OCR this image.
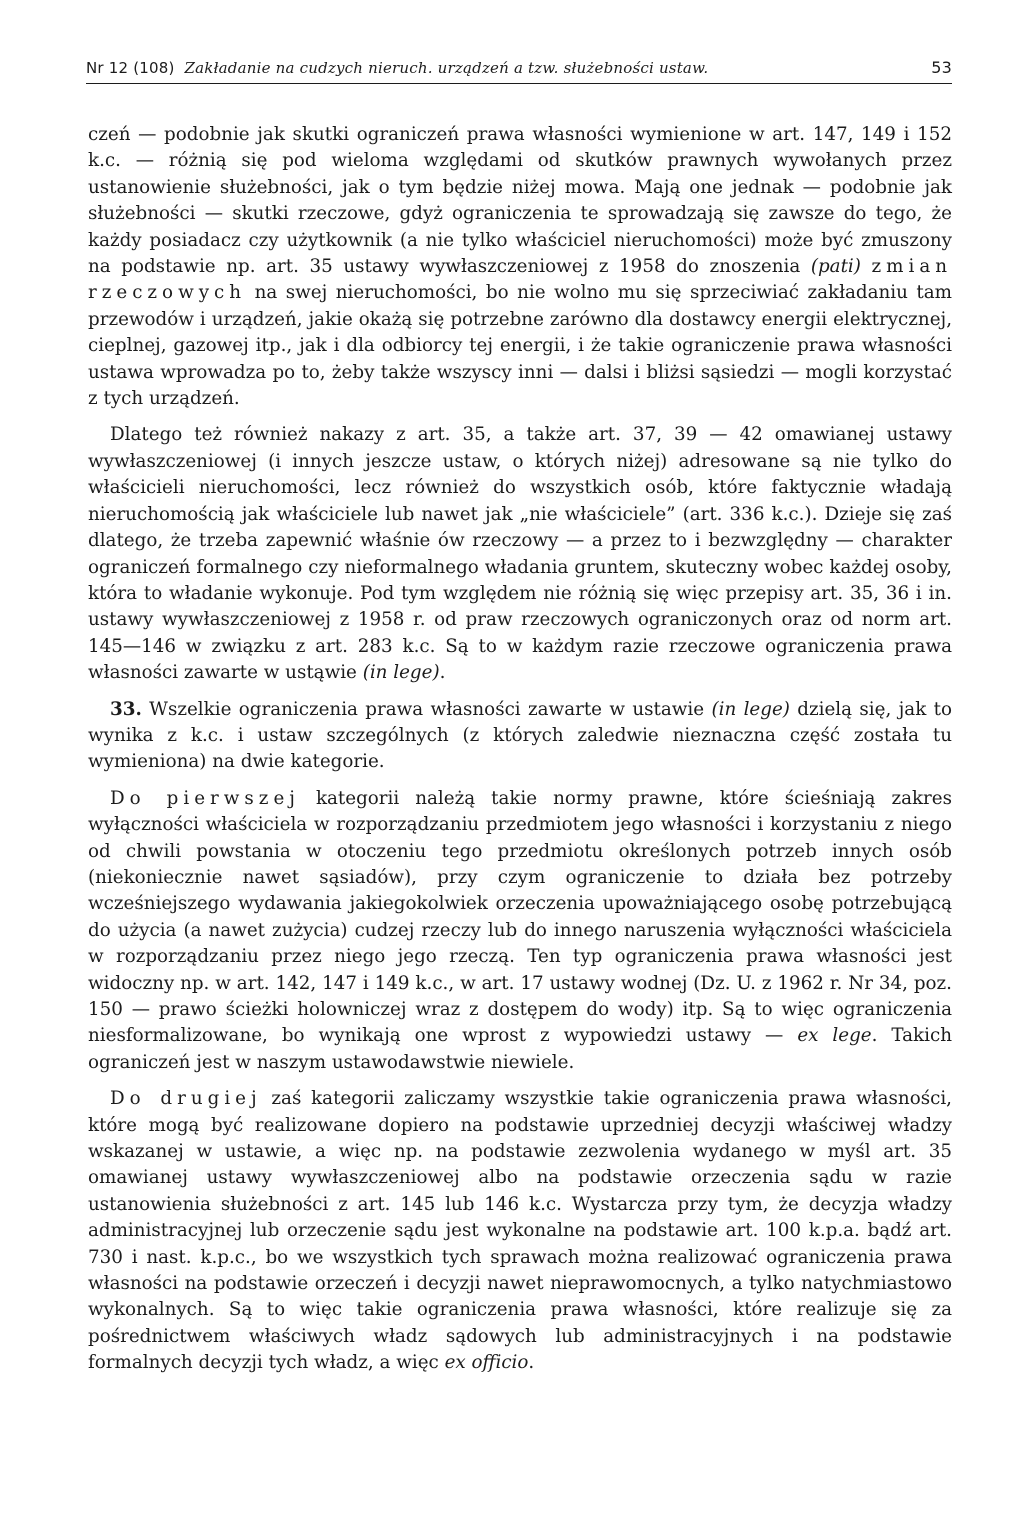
Nr 12 (108) Zakładanie na cudzych nieruch. urządzeń a tzw. służebności ustaw.	53

czeń — podobnie jak skutki ograniczeń prawa własności wymienione w art. 147, 149 i 152 k.c. — różnią się pod wieloma względami od skutków prawnych wywołanych przez ustanowienie służebności, jak o tym będzie niżej mowa. Mają one jednak — podobnie jak służebności — skutki rzeczowe, gdyż ograniczenia te sprowadzają się zawsze do tego, że każdy posiadacz czy użytkownik (a nie tylko właściciel nieruchomości) może być zmuszony na podstawie np. art. 35 ustawy wywłaszczeniowej z 1958 do znoszenia (pati) zmian rzeczowych na swej nieruchomości, bo nie wolno mu się sprzeciwiać zakładaniu tam przewodów i urządzeń, jakie okażą się potrzebne zarówno dla dostawcy energii elektrycznej, cieplnej, gazowej itp., jak i dla odbiorcy tej energii, i że takie ograniczenie prawa własności ustawa wprowadza po to, żeby także wszyscy inni — dalsi i bliżsi sąsiedzi — mogli korzystać z tych urządzeń.

Dlatego też również nakazy z art. 35, a także art. 37, 39 — 42 omawianej ustawy wywłaszczeniowej (i innych jeszcze ustaw, o których niżej) adresowane są nie tylko do właścicieli nieruchomości, lecz również do wszystkich osób, które faktycznie władają nieruchomością jak właściciele lub nawet jak „nie właściciele” (art. 336 k.c.). Dzieje się zaś dlatego, że trzeba zapewnić właśnie ów rzeczowy — a przez to i bezwzględny — charakter ograniczeń formalnego czy nieformalnego władania gruntem, skuteczny wobec każdej osoby, która to władanie wykonuje. Pod tym względem nie różnią się więc przepisy art. 35, 36 i in. ustawy wywłaszczeniowej z 1958 r. od praw rzeczowych ograniczonych oraz od norm art. 145—146 w związku z art. 283 k.c. Są to w każdym razie rzeczowe ograniczenia prawa własności zawarte w ustąwie (in lege).

33. Wszelkie ograniczenia prawa własności zawarte w ustawie (in lege) dzielą się, jak to wynika z k.c. i ustaw szczególnych (z których zaledwie nieznaczna część została tu wymieniona) na dwie kategorie.

Do pierwszej kategorii należą takie normy prawne, które ścieśniają zakres wyłączności właściciela w rozporządzaniu przedmiotem jego własności i korzystaniu z niego od chwili powstania w otoczeniu tego przedmiotu określonych potrzeb innych osób (niekoniecznie nawet sąsiadów), przy czym ograniczenie to działa bez potrzeby wcześniejszego wydawania jakiegokolwiek orzeczenia upoważniającego osobę potrzebującą do użycia (a nawet zużycia) cudzej rzeczy lub do innego naruszenia wyłączności właściciela w rozporządzaniu przez niego jego rzeczą. Ten typ ograniczenia prawa własności jest widoczny np. w art. 142, 147 i 149 k.c., w art. 17 ustawy wodnej (Dz. U. z 1962 r. Nr 34, poz. 150 — prawo ścieżki holowniczej wraz z dostępem do wody) itp. Są to więc ograniczenia niesformalizowane, bo wynikają one wprost z wypowiedzi ustawy — ex lege. Takich ograniczeń jest w naszym ustawodawstwie niewiele.

Do drugiej zaś kategorii zaliczamy wszystkie takie ograniczenia prawa własności, które mogą być realizowane dopiero na podstawie uprzedniej decyzji właściwej władzy wskazanej w ustawie, a więc np. na podstawie zezwolenia wydanego w myśl art. 35 omawianej ustawy wywłaszczeniowej albo na podstawie orzeczenia sądu w razie ustanowienia służebności z art. 145 lub 146 k.c. Wystarcza przy tym, że decyzja władzy administracyjnej lub orzeczenie sądu jest wykonalne na podstawie art. 100 k.p.a. bądź art. 730 i nast. k.p.c., bo we wszystkich tych sprawach można realizować ograniczenia prawa własności na podstawie orzeczeń i decyzji nawet nieprawomocnych, a tylko natychmiastowo wykonalnych. Są to więc takie ograniczenia prawa własności, które realizuje się za pośrednictwem właściwych władz sądowych lub administracyjnych i na podstawie formalnych decyzji tych władz, a więc ex officio.
